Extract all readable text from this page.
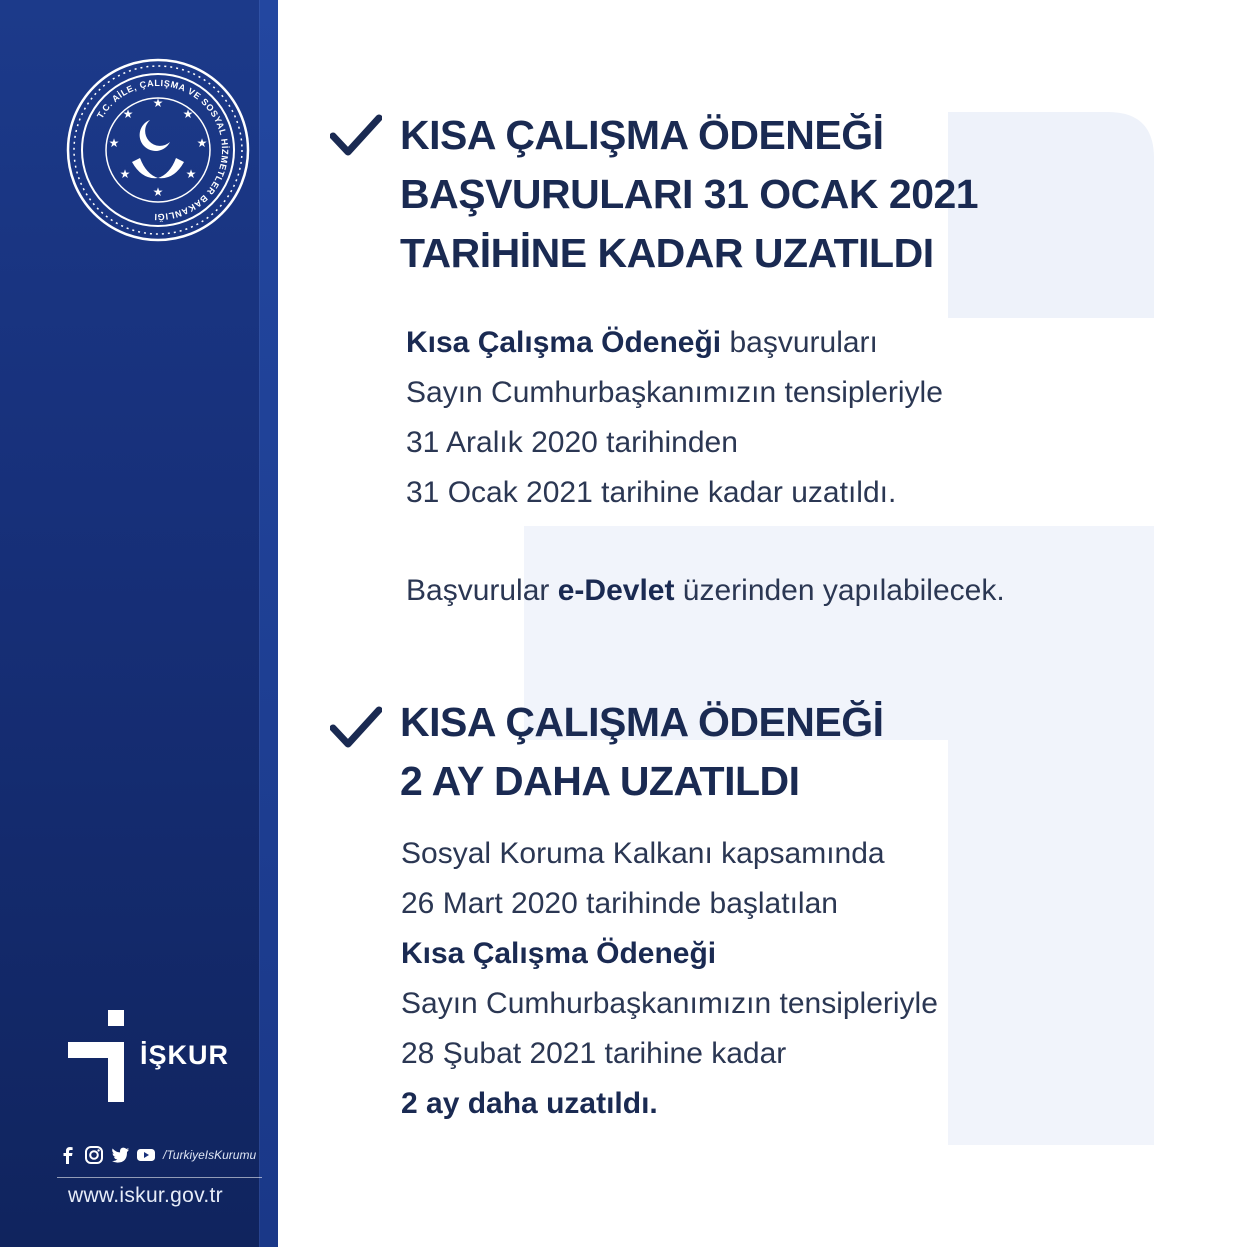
T.C. AİLE, ÇALIŞMA VE SOSYAL HİZMETLER BAKANLIĞI
★
★
★
★
★
★
★
★
İŞKUR
/TurkiyeIsKurumu
www.iskur.gov.tr
KISA ÇALIŞMA ÖDENEĞİ
BAŞVURULARI 31 OCAK 2021
TARİHİNE KADAR UZATILDI

Kısa Çalışma Ödeneği başvuruları
Sayın Cumhurbaşkanımızın tensipleriyle
31 Aralık 2020 tarihinden
31 Ocak 2021 tarihine kadar uzatıldı.

Başvurular e-Devlet üzerinden yapılabilecek.

KISA ÇALIŞMA ÖDENEĞİ
2 AY DAHA UZATILDI

Sosyal Koruma Kalkanı kapsamında
26 Mart 2020 tarihinde başlatılan
Kısa Çalışma Ödeneği
Sayın Cumhurbaşkanımızın tensipleriyle
28 Şubat 2021 tarihine kadar
2 ay daha uzatıldı.
